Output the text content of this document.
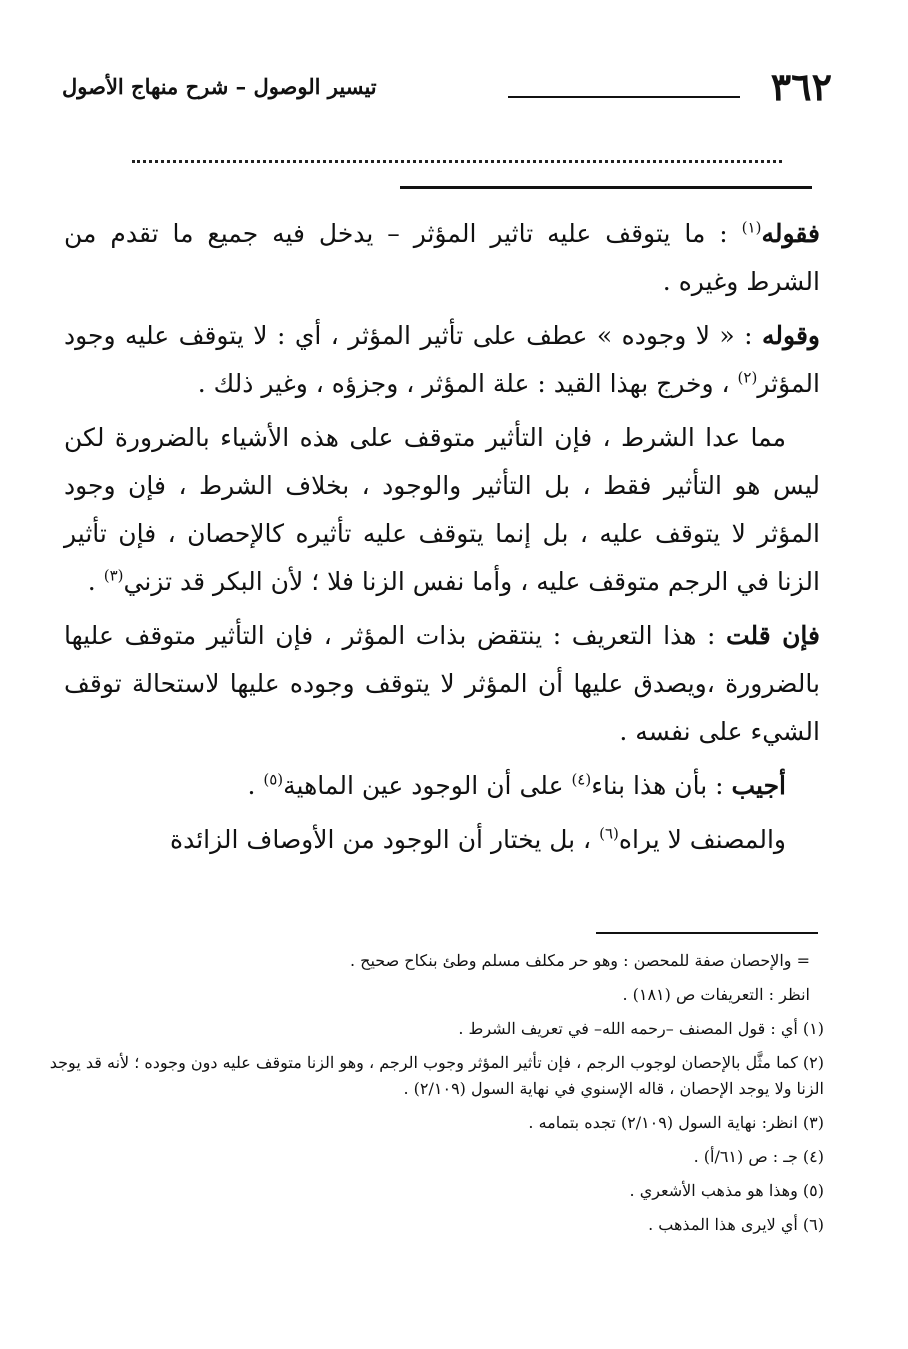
٣٦٢
تيسير الوصول – شرح منهاج الأصول

فقوله$^{(١)}$ : ما يتوقف عليه تاثير المؤثر – يدخل فيه جميع ما تقدم من الشرط وغيره .

وقوله : « لا وجوده » عطف على تأثير المؤثر ، أي : لا يتوقف عليه وجود المؤثر$^{(٢)}$ ، وخرج بهذا القيد : علة المؤثر ، وجزؤه ، وغير ذلك .

مما عدا الشرط ، فإن التأثير متوقف على هذه الأشياء بالضرورة لكن ليس هو التأثير فقط ، بل التأثير والوجود ، بخلاف الشرط ، فإن وجود المؤثر لا يتوقف عليه ، بل إنما يتوقف عليه تأثيره كالإحصان ، فإن تأثير الزنا في الرجم متوقف عليه ، وأما نفس الزنا فلا ؛ لأن البكر قد تزني$^{(٣)}$ .

فإن قلت : هذا التعريف : ينتقض بذات المؤثر ، فإن التأثير متوقف عليها بالضرورة ،ويصدق عليها أن المؤثر لا يتوقف وجوده عليها لاستحالة توقف الشيء على نفسه .

أجيب : بأن هذا بناء$^{(٤)}$ على أن الوجود عين الماهية$^{(٥)}$ .

والمصنف لا يراه$^{(٦)}$ ، بل يختار أن الوجود من الأوصاف الزائدة

= والإحصان صفة للمحصن : وهو حر مكلف مسلم وطئ بنكاح صحيح .
انظر : التعريفات ص (١٨١) .
(١) أي : قول المصنف –رحمه الله– في تعريف الشرط .
(٢) كما مثَّل بالإحصان لوجوب الرجم ، فإن تأثير المؤثر وجوب الرجم ، وهو الزنا متوقف عليه دون وجوده ؛ لأنه قد يوجد الزنا ولا يوجد الإحصان ، قاله الإسنوي في نهاية السول (٢/١٠٩) .
(٣) انظر: نهاية السول (٢/١٠٩) تجده بتمامه .
(٤) جـ : ص (٦١/أ) .
(٥) وهذا هو مذهب الأشعري .
(٦) أي لايرى هذا المذهب .
